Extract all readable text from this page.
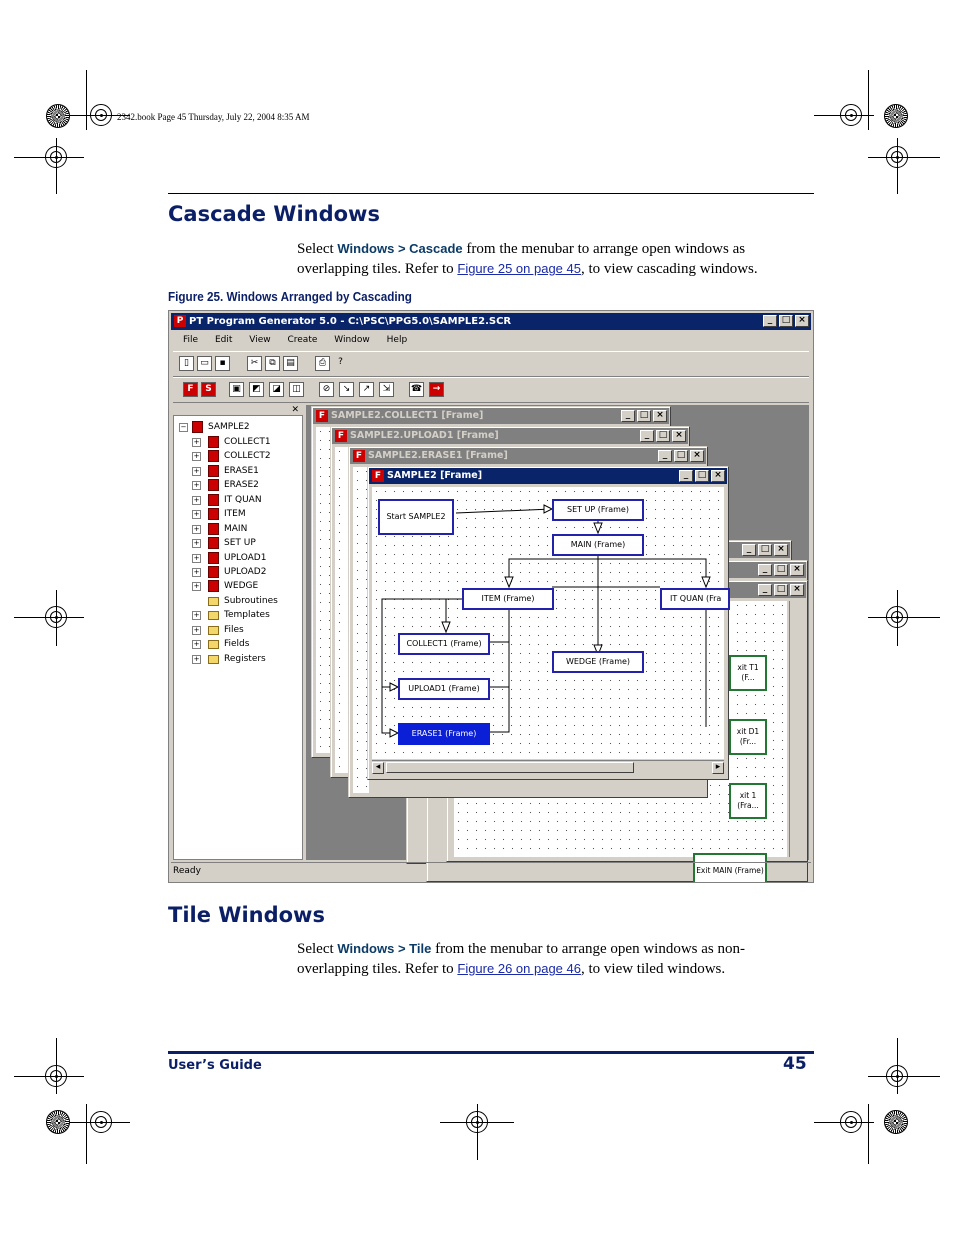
2342.book Page 45 Thursday, July 22, 2004 8:35 AM
Cascade Windows

Select Windows > Cascade from the menubar to arrange open windows as overlapping tiles. Refer to Figure 25 on page 45, to view cascading windows.

Figure 25. Windows Arranged by Cascading
P PT Program Generator 5.0 - C:\PSC\PPG5.0\SAMPLE2.SCR	_	□ ×
File Edit View Create Window Help
▯	▭	▪	✂	⧉	▤	⎙	?
F	S	▣	◩	◪	◫	⊘	↘	↗	⇲	☎	→
✕
− SAMPLE2
+	COLLECT1
+	COLLECT2
+	ERASE1
+	ERASE2
+	IT QUAN
+	ITEM
+	MAIN
+	SET UP
+	UPLOAD1
+	UPLOAD2
+	WEDGE
Subroutines
+	Templates
+	Files
+	Fields
+	Registers
_	□ ×
_	□ ×
_	□ ×
xit T1 (F...
xit D1 (Fr...
xit 1 (Fra...
Exit MAIN (Frame)
F SAMPLE2.COLLECT1 [Frame]	_	□ ×
F SAMPLE2.UPLOAD1 [Frame]	_	□ ×
F SAMPLE2.ERASE1 [Frame]	_	□ ×
F SAMPLE2 [Frame]	_	□ ×
Start SAMPLE2
SET UP (Frame)
MAIN (Frame)
ITEM (Frame)	IT QUAN (Fra
COLLECT1 (Frame)
WEDGE (Frame)
UPLOAD1 (Frame)
ERASE1 (Frame)
◂	▸
Ready
Tile Windows

Select Windows > Tile from the menubar to arrange open windows as non-overlapping tiles. Refer to Figure 26 on page 46, to view tiled windows.

User’s Guide	45
